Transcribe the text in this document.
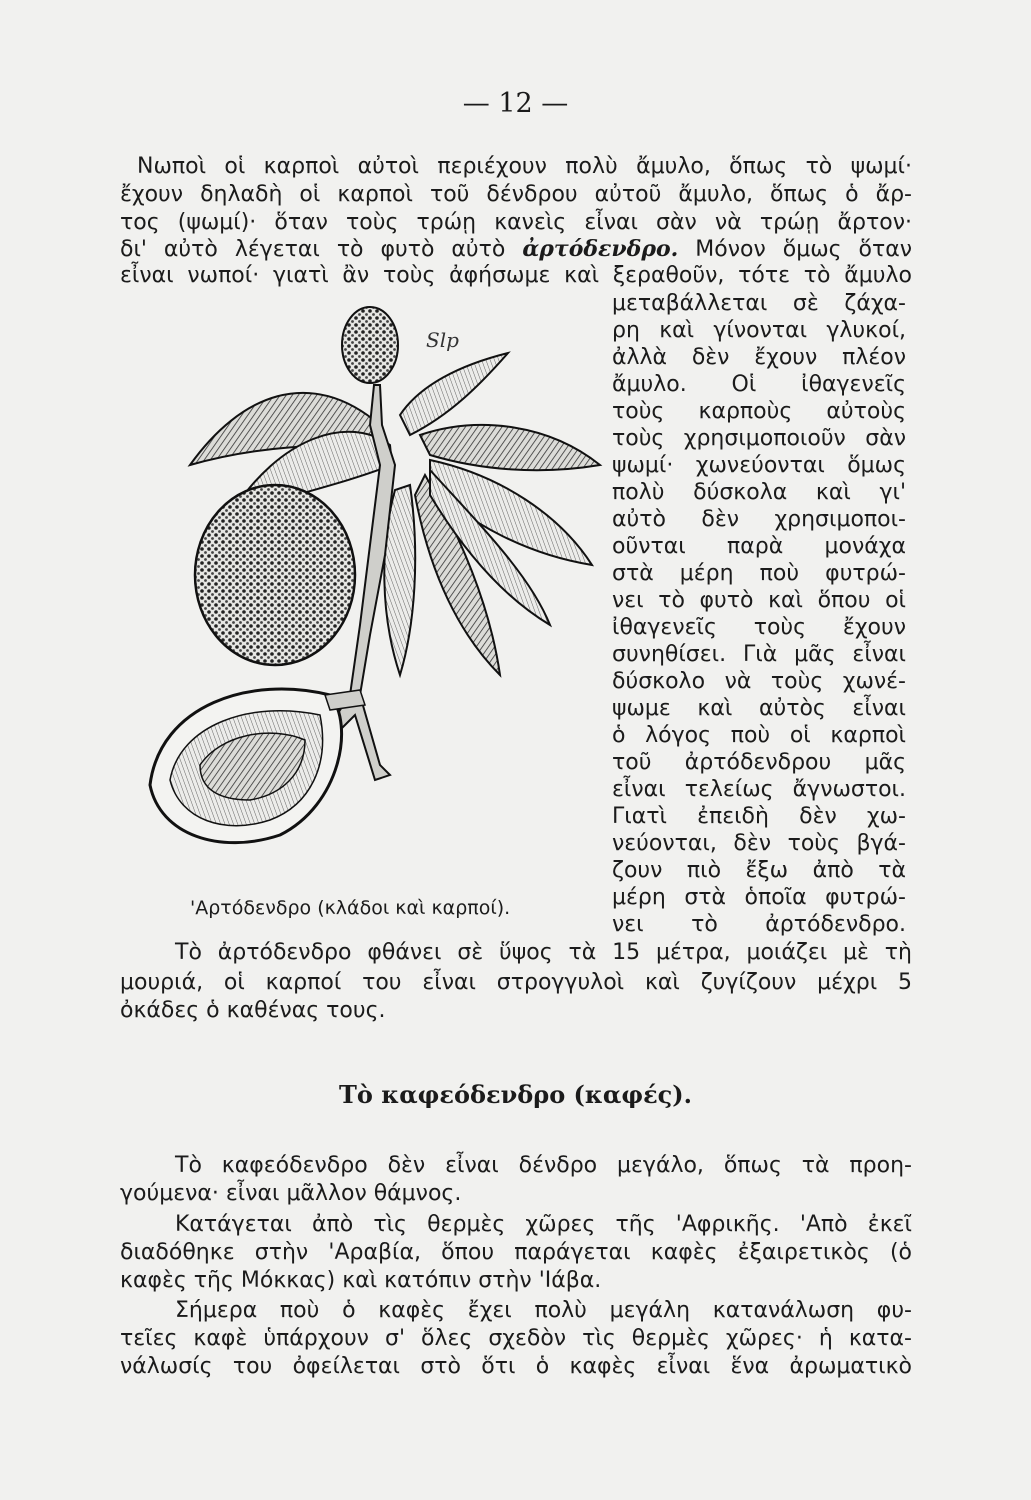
— 12 —
Νωποὶ οἱ καρποὶ αὐτοὶ περιέχουν πολὺ ἄμυλο, ὅπως τὸ ψωμί·
ἔχουν δηλαδὴ οἱ καρποὶ τοῦ δένδρου αὐτοῦ ἄμυλο, ὅπως ὁ ἄρ-
τος (ψωμί)· ὅταν τοὺς τρώῃ κανεὶς εἶναι σὰν νὰ τρώῃ ἄρτον·
δι' αὐτὸ λέγεται τὸ φυτὸ αὐτὸ ἀρτόδενδρο. Μόνον ὅμως ὅταν
εἶναι νωποί· γιατὶ ἂν τοὺς ἀφήσωμε καὶ ξεραθοῦν, τότε τὸ ἄμυλο
μεταβάλλεται σὲ ζάχα-
ρη καὶ γίνονται γλυκοί,
ἀλλὰ δὲν ἔχουν πλέον
ἄμυλο. Οἱ ἰθαγενεῖς
τοὺς καρποὺς αὐτοὺς
τοὺς χρησιμοποιοῦν σὰν
ψωμί· χωνεύονται ὅμως
πολὺ δύσκολα καὶ γι'
αὐτὸ δὲν χρησιμοποι-
οῦνται παρὰ μονάχα
στὰ μέρη ποὺ φυτρώ-
νει τὸ φυτὸ καὶ ὅπου οἱ
ἰθαγενεῖς τοὺς ἔχουν
συνηθίσει. Γιὰ μᾶς εἶναι
δύσκολο νὰ τοὺς χωνέ-
ψωμε καὶ αὐτὸς εἶναι
ὁ λόγος ποὺ οἱ καρποὶ
τοῦ ἀρτόδενδρου μᾶς
εἶναι τελείως ἄγνωστοι.
Γιατὶ ἐπειδὴ δὲν χω-
νεύονται, δὲν τοὺς βγά-
ζουν πιὸ ἔξω ἀπὸ τὰ
μέρη στὰ ὁποῖα φυτρώ-
νει τὸ ἀρτόδενδρο.
Slp
'Αρτόδενδρο (κλάδοι καὶ καρποί).
Τὸ ἀρτόδενδρο φθάνει σὲ ὕψος τὰ 15 μέτρα, μοιάζει μὲ τὴ
μουριά, οἱ καρποί του εἶναι στρογγυλοὶ καὶ ζυγίζουν μέχρι 5
ὀκάδες ὁ καθένας τους.
Τὸ καφεόδενδρο (καφές).
Τὸ καφεόδενδρο δὲν εἶναι δένδρο μεγάλο, ὅπως τὰ προη-
γούμενα· εἶναι μᾶλλον θάμνος.
Κατάγεται ἀπὸ τὶς θερμὲς χῶρες τῆς 'Αφρικῆς. 'Απὸ ἐκεῖ
διαδόθηκε στὴν 'Αραβία, ὅπου παράγεται καφὲς ἐξαιρετικὸς (ὁ
καφὲς τῆς Μόκκας) καὶ κατόπιν στὴν 'Ιάβα.
Σήμερα ποὺ ὁ καφὲς ἔχει πολὺ μεγάλη κατανάλωση φυ-
τεῖες καφὲ ὑπάρχουν σ' ὅλες σχεδὸν τὶς θερμὲς χῶρες· ἡ κατα-
νάλωσίς του ὀφείλεται στὸ ὅτι ὁ καφὲς εἶναι ἕνα ἀρωματικὸ
